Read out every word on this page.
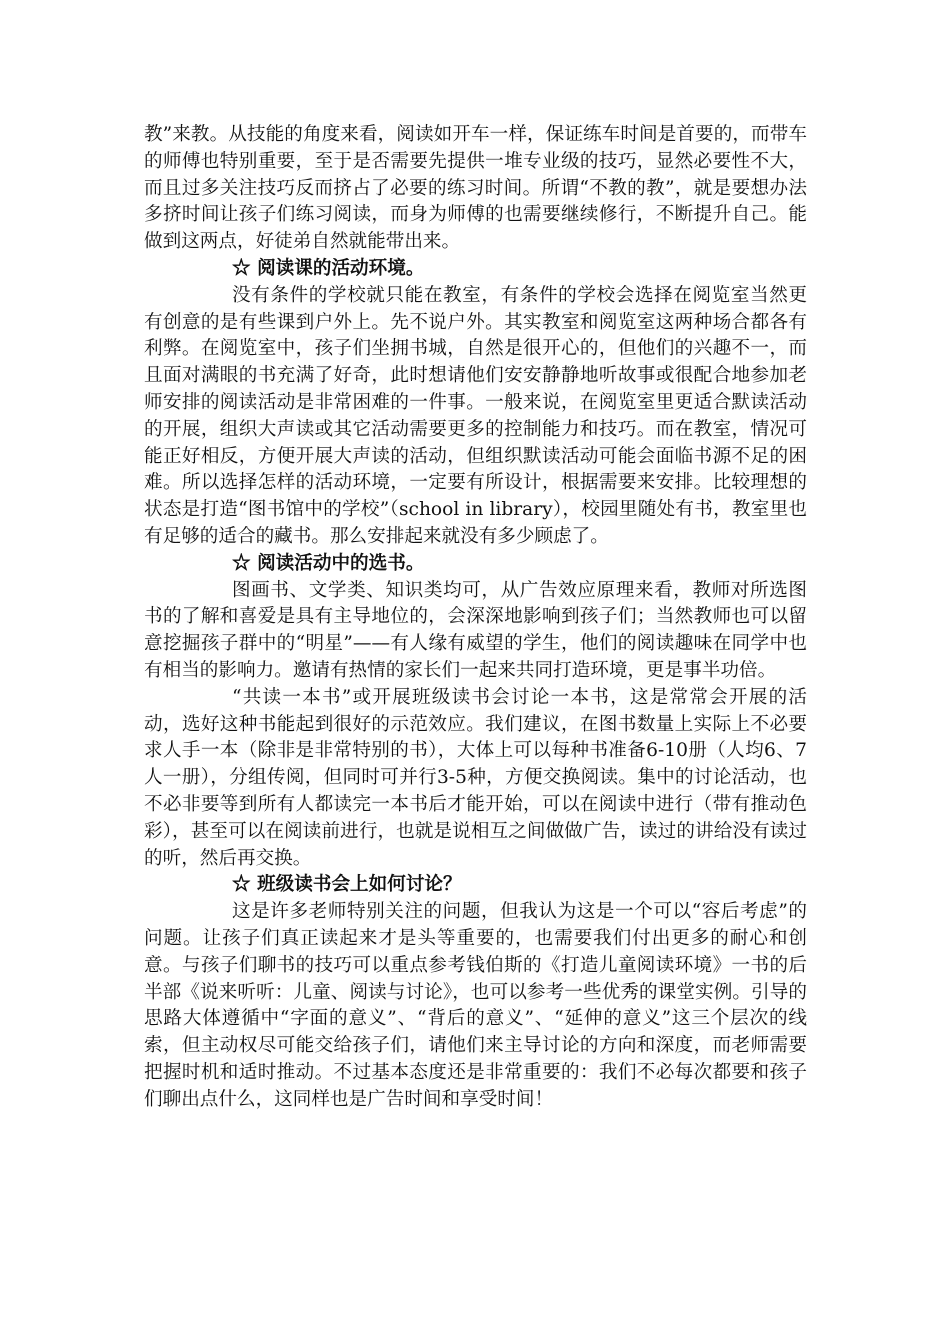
教”来教。从技能的角度来看，阅读如开车一样，保证练车时间是首要的，而带车的师傅也特别重要，至于是否需要先提供一堆专业级的技巧，显然必要性不大，而且过多关注技巧反而挤占了必要的练习时间。所谓“不教的教”，就是要想办法多挤时间让孩子们练习阅读，而身为师傅的也需要继续修行，不断提升自己。能做到这两点，好徒弟自然就能带出来。

☆ 阅读课的活动环境。

没有条件的学校就只能在教室，有条件的学校会选择在阅览室当然更有创意的是有些课到户外上。先不说户外。其实教室和阅览室这两种场合都各有利弊。在阅览室中，孩子们坐拥书城，自然是很开心的，但他们的兴趣不一，而且面对满眼的书充满了好奇，此时想请他们安安静静地听故事或很配合地参加老师安排的阅读活动是非常困难的一件事。一般来说，在阅览室里更适合默读活动的开展，组织大声读或其它活动需要更多的控制能力和技巧。而在教室，情况可能正好相反，方便开展大声读的活动，但组织默读活动可能会面临书源不足的困难。所以选择怎样的活动环境，一定要有所设计，根据需要来安排。比较理想的状态是打造“图书馆中的学校”（school in library），校园里随处有书，教室里也有足够的适合的藏书。那么安排起来就没有多少顾虑了。

☆ 阅读活动中的选书。

图画书、文学类、知识类均可，从广告效应原理来看，教师对所选图书的了解和喜爱是具有主导地位的，会深深地影响到孩子们；当然教师也可以留意挖掘孩子群中的“明星”——有人缘有威望的学生，他们的阅读趣味在同学中也有相当的影响力。邀请有热情的家长们一起来共同打造环境，更是事半功倍。

“共读一本书”或开展班级读书会讨论一本书，这是常常会开展的活动，选好这种书能起到很好的示范效应。我们建议，在图书数量上实际上不必要求人手一本（除非是非常特别的书），大体上可以每种书准备6-10册（人均6、7人一册），分组传阅，但同时可并行3-5种，方便交换阅读。集中的讨论活动，也不必非要等到所有人都读完一本书后才能开始，可以在阅读中进行（带有推动色彩），甚至可以在阅读前进行，也就是说相互之间做做广告，读过的讲给没有读过的听，然后再交换。

☆ 班级读书会上如何讨论？

这是许多老师特别关注的问题，但我认为这是一个可以“容后考虑”的问题。让孩子们真正读起来才是头等重要的，也需要我们付出更多的耐心和创意。与孩子们聊书的技巧可以重点参考钱伯斯的《打造儿童阅读环境》一书的后半部《说来听听：儿童、阅读与讨论》，也可以参考一些优秀的课堂实例。引导的思路大体遵循中“字面的意义”、“背后的意义”、“延伸的意义”这三个层次的线索，但主动权尽可能交给孩子们，请他们来主导讨论的方向和深度，而老师需要把握时机和适时推动。不过基本态度还是非常重要的：我们不必每次都要和孩子们聊出点什么，这同样也是广告时间和享受时间！
